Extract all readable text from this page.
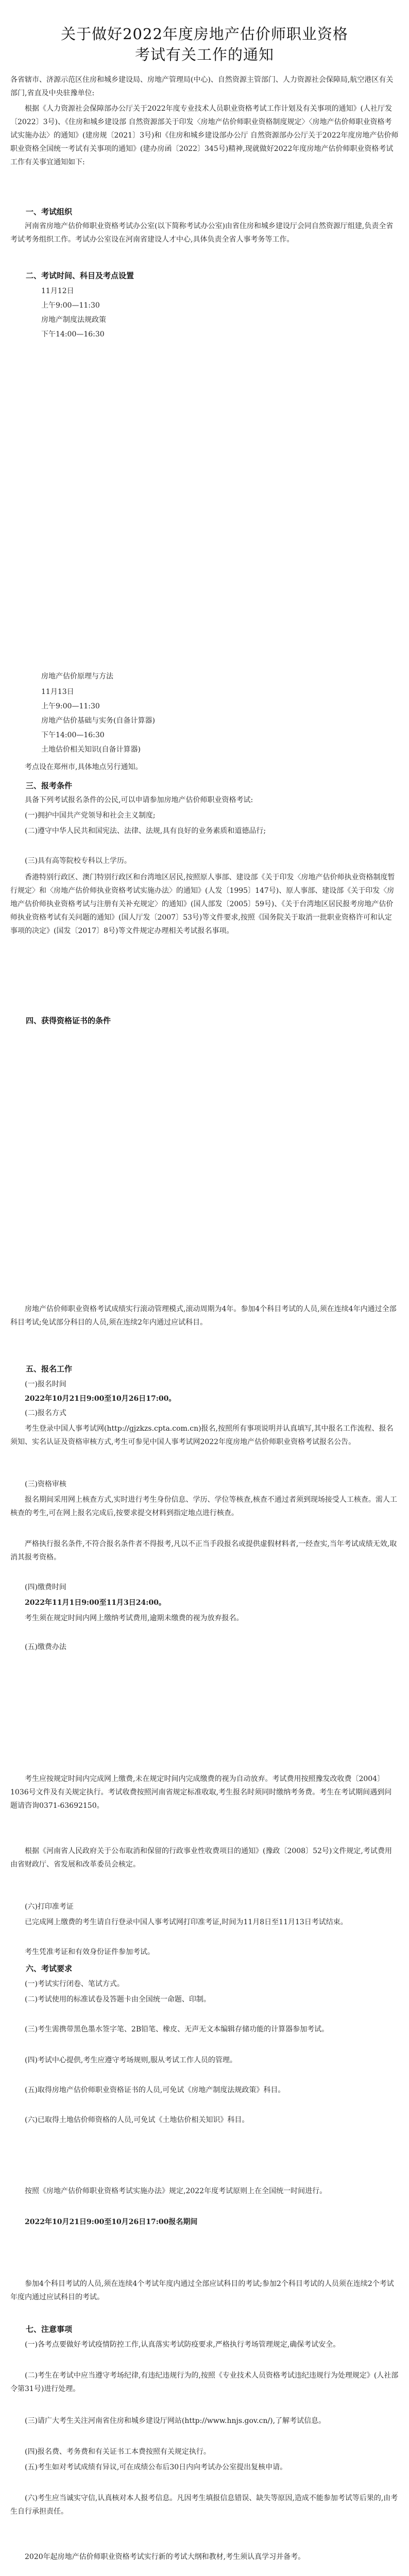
关于做好2022年度房地产估价师职业资格考试有关工作的通知

各省辖市、济源示范区住房和城乡建设局、房地产管理局(中心)、自然资源主管部门、人力资源社会保障局,航空港区有关部门,省直及中央驻豫单位:

根据《人力资源社会保障部办公厅关于2022年度专业技术人员职业资格考试工作计划及有关事项的通知》(人社厅发〔2022〕3号)、《住房和城乡建设部 自然资源部关于印发〈房地产估价师职业资格制度规定〉〈房地产估价师职业资格考试实施办法〉的通知》(建房规〔2021〕3号)和《住房和城乡建设部办公厅 自然资源部办公厅关于2022年度房地产估价师职业资格全国统一考试有关事项的通知》(建办房函〔2022〕345号)精神,现就做好2022年度房地产估价师职业资格考试工作有关事宜通知如下:

一、考试组织

河南省房地产估价师职业资格考试办公室(以下简称考试办公室)由省住房和城乡建设厅会同自然资源厅组建,负责全省考试考务组织工作。考试办公室设在河南省建设人才中心,具体负责全省人事考务等工作。

二、考试时间、科目及考点设置

11月12日

上午9:00—11:30

房地产制度法规政策

下午14:00—16:30

房地产估价原理与方法

11月13日

上午9:00—11:30

房地产估价基础与实务(自备计算器)

下午14:00—16:30

土地估价相关知识(自备计算器)

考点设在郑州市,具体地点另行通知。

三、报考条件

具备下列考试报名条件的公民,可以申请参加房地产估价师职业资格考试:

(一)拥护中国共产党领导和社会主义制度;

(二)遵守中华人民共和国宪法、法律、法规,具有良好的业务素质和道德品行;

(三)具有高等院校专科以上学历。

香港特别行政区、澳门特别行政区和台湾地区居民,按照原人事部、建设部《关于印发〈房地产估价师执业资格制度暂行规定〉和〈房地产估价师执业资格考试实施办法〉的通知》(人发〔1995〕147号)、原人事部、建设部《关于印发〈房地产估价师执业资格考试与注册有关补充规定〉的通知》(国人部发〔2005〕59号)、《关于台湾地区居民报考房地产估价师执业资格考试有关问题的通知》(国人厅发〔2007〕53号)等文件要求,按照《国务院关于取消一批职业资格许可和认定事项的决定》(国发〔2017〕8号)等文件规定办理相关考试报名事项。

四、获得资格证书的条件

房地产估价师职业资格考试成绩实行滚动管理模式,滚动周期为4年。参加4个科目考试的人员,须在连续4年内通过全部科目考试;免试部分科目的人员,须在连续2年内通过应试科目。

五、报名工作

(一)报名时间

2022年10月21日9:00至10月26日17:00。

(二)报名方式

考生登录中国人事考试网(http://gjzkzs.cpta.com.cn)报名,按照所有事项说明并认真填写,其中报名工作流程、报名须知、实名认证及资格审核方式,考生可参见中国人事考试网2022年度房地产估价师职业资格考试报名公告。

(三)资格审核

报名期间采用网上核查方式,实时进行考生身份信息、学历、学位等核查,核查不通过者须到现场接受人工核查。需人工核查的考生,可在网上报名完成后,按要求提交材料到指定地点进行核查。

严格执行报名条件,不符合报名条件者不得报考,凡以不正当手段报名或提供虚假材料者,一经查实,当年考试成绩无效,取消其报考资格。

(四)缴费时间

2022年11月1日9:00至11月3日24:00。

考生须在规定时间内网上缴纳考试费用,逾期未缴费的视为放弃报名。

(五)缴费办法

考生应按规定时间内完成网上缴费,未在规定时间内完成缴费的视为自动放弃。考试费用按照豫发改收费〔2004〕1036号文件及有关规定执行。考试收费按照河南省规定标准收取,考生报名时须同时缴纳考务费。考生在考试期间遇到问题请咨询0371-63692150。

根据《河南省人民政府关于公布取消和保留的行政事业性收费项目的通知》(豫政〔2008〕52号)文件规定,考试费用由省财政厅、省发展和改革委员会核定。

(六)打印准考证

已完成网上缴费的考生请自行登录中国人事考试网打印准考证,时间为11月8日至11月13日考试结束。

考生凭准考证和有效身份证件参加考试。

六、考试要求

(一)考试实行闭卷、笔试方式。

(二)考试使用的标准试卷及答题卡由全国统一命题、印制。

(三)考生需携带黑色墨水签字笔、2B铅笔、橡皮、无声无文本编辑存储功能的计算器参加考试。

(四)考试中心提供,考生应遵守考场规则,服从考试工作人员的管理。

(五)取得房地产估价师职业资格证书的人员,可免试《房地产制度法规政策》科目。

(六)已取得土地估价师资格的人员,可免试《土地估价相关知识》科目。

按照《房地产估价师职业资格考试实施办法》规定,2022年度考试原则上在全国统一时间进行。

2022年10月21日9:00至10月26日17:00报名期间

参加4个科目考试的人员,须在连续4个考试年度内通过全部应试科目的考试;参加2个科目考试的人员须在连续2个考试年度内通过应试科目的考试。

七、注意事项

(一)各考点要做好考试疫情防控工作,认真落实考试防疫要求,严格执行考场管理规定,确保考试安全。

(二)考生在考试中应当遵守考场纪律,有违纪违规行为的,按照《专业技术人员资格考试违纪违规行为处理规定》(人社部令第31号)进行处理。

(三)请广大考生关注河南省住房和城乡建设厅网站(http://www.hnjs.gov.cn/),了解考试信息。

(四)报名费、考务费和有关证书工本费按照有关规定执行。

(五)考生如对考试成绩有异议,可在成绩公布后30日内向考试办公室提出复核申请。

(六)考生应当诚实守信,认真核对本人报考信息。凡因考生填报信息错误、缺失等原因,造成不能参加考试等后果的,由考生自行承担责任。

2020年起房地产估价师职业资格考试实行新的考试大纲和教材,考生须认真学习并备考。
